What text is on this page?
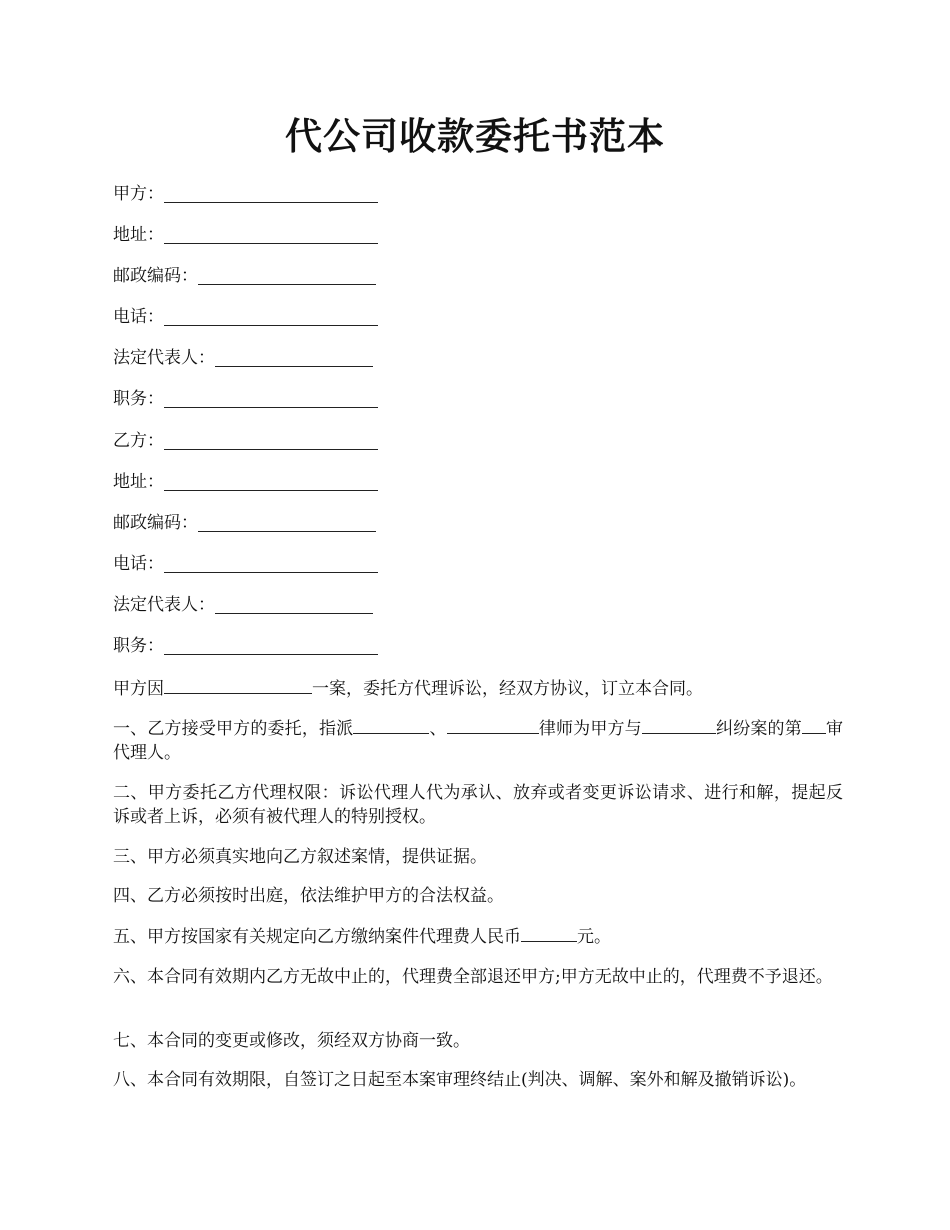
代公司收款委托书范本
甲方：
地址：
邮政编码：
电话：
法定代表人：
职务：
乙方：
地址：
邮政编码：
电话：
法定代表人：
职务：
甲方因	一案，委托方代理诉讼，经双方协议，订立本合同。
一、乙方接受甲方的委托，指派	、	律师为甲方与	纠纷案的第 审代理人。
二、甲方委托乙方代理权限：诉讼代理人代为承认、放弃或者变更诉讼请求、进行和解，提起反诉或者上诉，必须有被代理人的特别授权。
三、甲方必须真实地向乙方叙述案情，提供证据。
四、乙方必须按时出庭，依法维护甲方的合法权益。
五、甲方按国家有关规定向乙方缴纳案件代理费人民币	元。
六、本合同有效期内乙方无故中止的，代理费全部退还甲方;甲方无故中止的，代理费不予退还。
七、本合同的变更或修改，须经双方协商一致。
八、本合同有效期限，自签订之日起至本案审理终结止(判决、调解、案外和解及撤销诉讼)。
